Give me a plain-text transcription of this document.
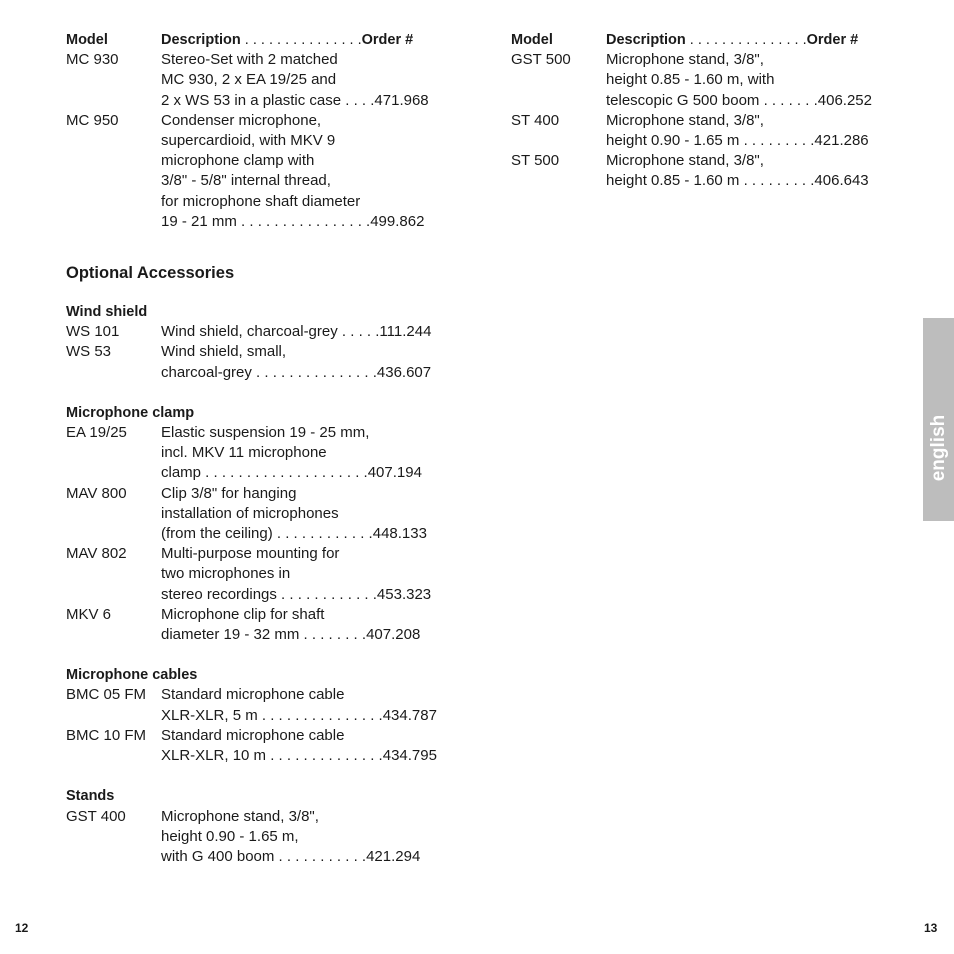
Model	Description . . . . . . . . . . . . . . .Order #
MC 930	Stereo-Set with 2 matched
MC 930, 2 x EA 19/25 and
2 x WS 53 in a plastic case . . . .471.968
MC 950	Condenser microphone,
supercardioid, with MKV 9
microphone clamp with
3/8" - 5/8" internal thread,
for microphone shaft diameter
19 - 21 mm . . . . . . . . . . . . . . . .499.862
Optional Accessories
Wind shield
WS 101	Wind shield, charcoal-grey . . . . .111.244
WS 53	Wind shield, small,
charcoal-grey . . . . . . . . . . . . . . .436.607
Microphone clamp
EA 19/25	Elastic suspension 19 - 25 mm,
incl. MKV 11 microphone
clamp . . . . . . . . . . . . . . . . . . . .407.194
MAV 800	Clip 3/8" for hanging
installation of microphones
(from the ceiling) . . . . . . . . . . . .448.133
MAV 802	Multi-purpose mounting for
two microphones in
stereo recordings . . . . . . . . . . . .453.323
MKV 6	Microphone clip for shaft
diameter 19 - 32 mm . . . . . . . .407.208
Microphone cables
BMC 05 FM Standard microphone cable
XLR-XLR, 5 m . . . . . . . . . . . . . . .434.787
BMC 10 FM Standard microphone cable
XLR-XLR, 10 m . . . . . . . . . . . . . .434.795
Stands
GST 400	Microphone stand, 3/8",
height 0.90 - 1.65 m,
with G 400 boom . . . . . . . . . . .421.294
Model	Description . . . . . . . . . . . . . . .Order #
GST 500	Microphone stand, 3/8",
height 0.85 - 1.60 m, with
telescopic G 500 boom . . . . . . .406.252
ST 400	Microphone stand, 3/8",
height 0.90 - 1.65 m . . . . . . . . .421.286
ST 500	Microphone stand, 3/8",
height 0.85 - 1.60 m . . . . . . . . .406.643
english
12	13
